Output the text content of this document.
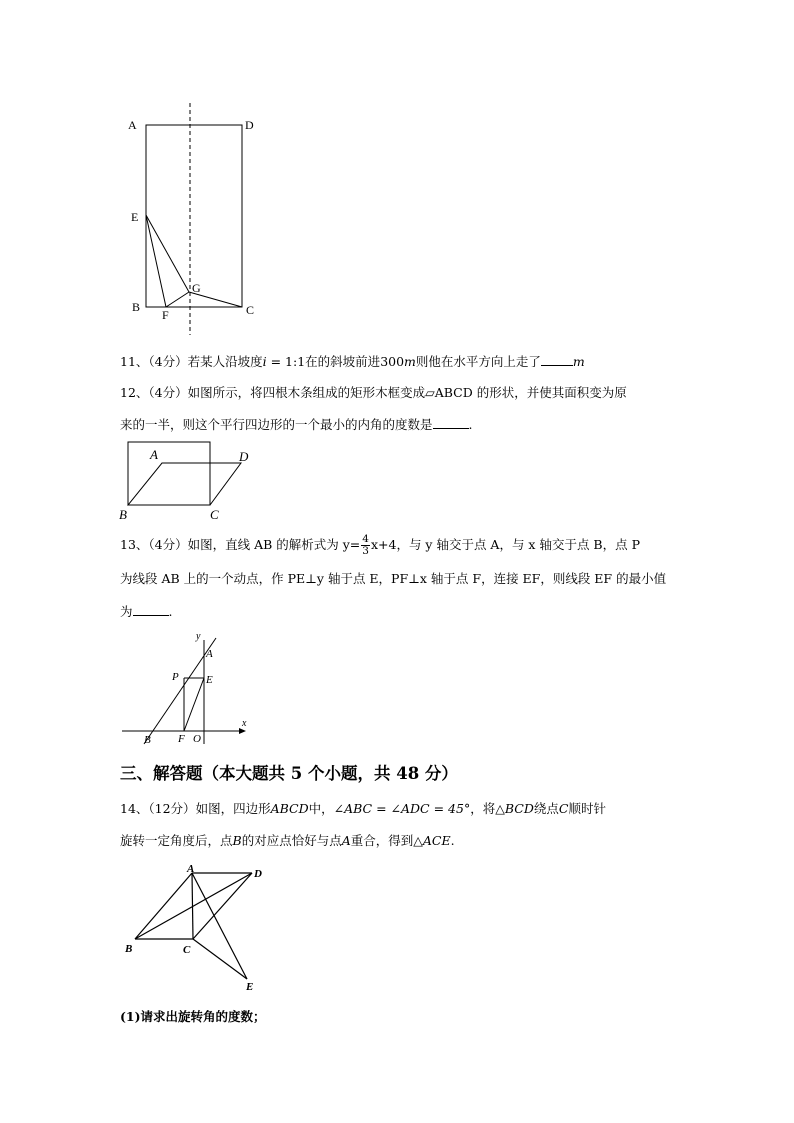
A	D
E
B
F
G
C
11、（4分）若某人沿坡度i = 1:1在的斜坡前进300m则他在水平方向上走了	m
12、（4分）如图所示，将四根木条组成的矩形木框变成▱ABCD 的形状，并使其面积变为原
来的一半，则这个平行四边形的一个最小的内角的度数是	.
A	D
B	C
13、（4分）如图，直线 AB 的解析式为 $y= \frac{4}{3} x+4$，与 y 轴交于点 A，与 x 轴交于点 B，点 P
为线段 AB 上的一个动点，作 PE⊥y 轴于点 E，PF⊥x 轴于点 F，连接 EF，则线段 EF 的最小值
为	.
y
A
P E
B F O
x
三、解答题（本大题共 5 个小题，共 48 分）
14、（12分）如图，四边形ABCD中，∠ABC = ∠ADC = 45°，将△BCD绕点C顺时针
旋转一定角度后，点B的对应点恰好与点A重合，得到△ACE.
A	D
B	C
E
(1)请求出旋转角的度数；
